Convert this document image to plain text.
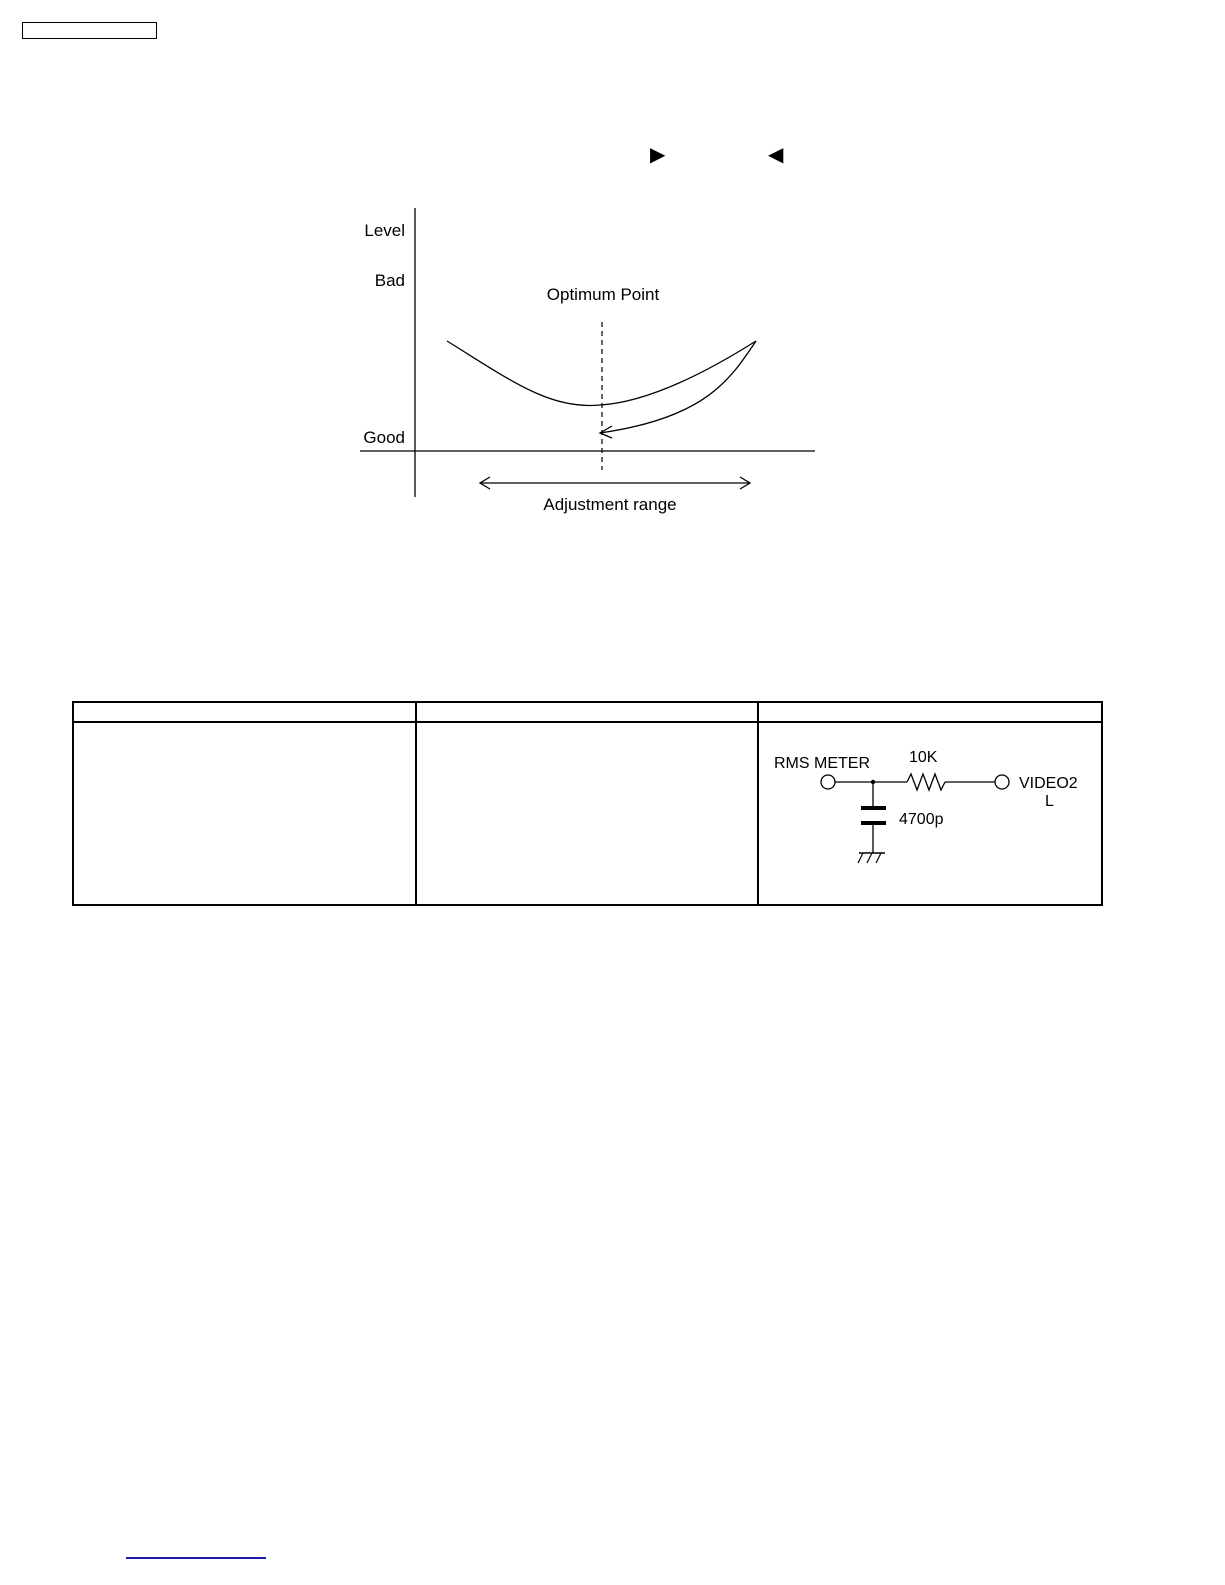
▶	◀
Level
Bad
Good
Optimum Point
Adjustment range

RMS METER 10K
4700p
VIDEO2
L
